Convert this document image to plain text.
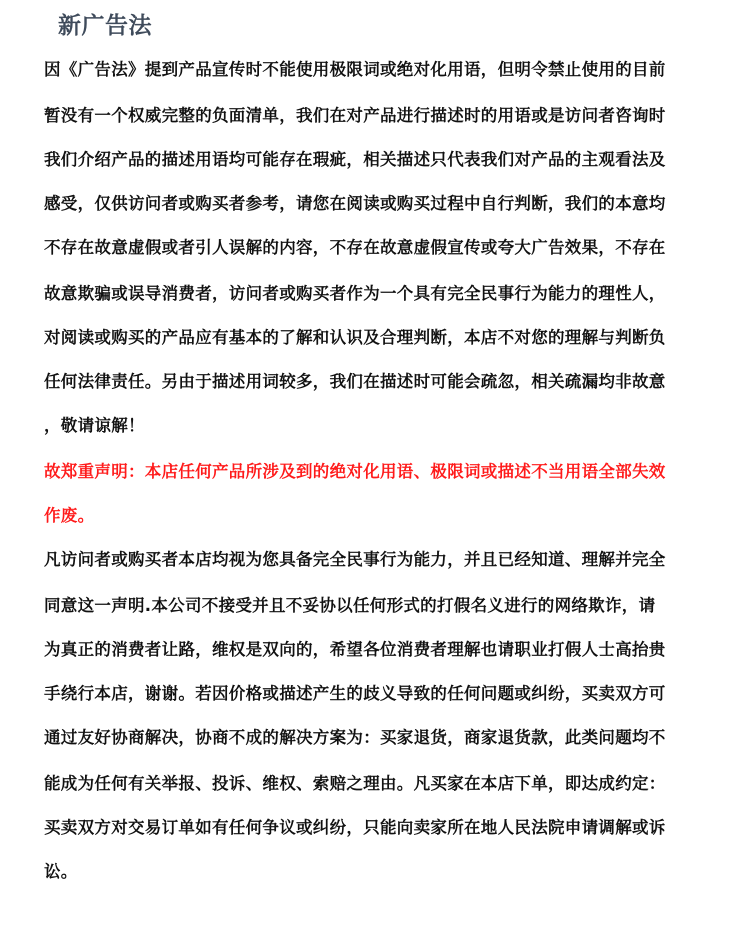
新广告法
因《广告法》提到产品宣传时不能使用极限词或绝对化用语，但明令禁止使用的目前
暂没有一个权威完整的负面清单，我们在对产品进行描述时的用语或是访问者咨询时
我们介绍产品的描述用语均可能存在瑕疵，相关描述只代表我们对产品的主观看法及
感受，仅供访问者或购买者参考，请您在阅读或购买过程中自行判断，我们的本意均
不存在故意虚假或者引人误解的内容，不存在故意虚假宣传或夸大广告效果，不存在
故意欺骗或误导消费者，访问者或购买者作为一个具有完全民事行为能力的理性人，
对阅读或购买的产品应有基本的了解和认识及合理判断，本店不对您的理解与判断负
任何法律责任。另由于描述用词较多，我们在描述时可能会疏忽，相关疏漏均非故意
，敬请谅解！
故郑重声明：本店任何产品所涉及到的绝对化用语、极限词或描述不当用语全部失效
作废。
凡访问者或购买者本店均视为您具备完全民事行为能力，并且已经知道、理解并完全
同意这一声明.本公司不接受并且不妥协以任何形式的打假名义进行的网络欺诈，请
为真正的消费者让路，维权是双向的，希望各位消费者理解也请职业打假人士高抬贵
手绕行本店，谢谢。若因价格或描述产生的歧义导致的任何问题或纠纷，买卖双方可
通过友好协商解决，协商不成的解决方案为：买家退货，商家退货款，此类问题均不
能成为任何有关举报、投诉、维权、索赔之理由。凡买家在本店下单，即达成约定：
买卖双方对交易订单如有任何争议或纠纷，只能向卖家所在地人民法院申请调解或诉
讼。
